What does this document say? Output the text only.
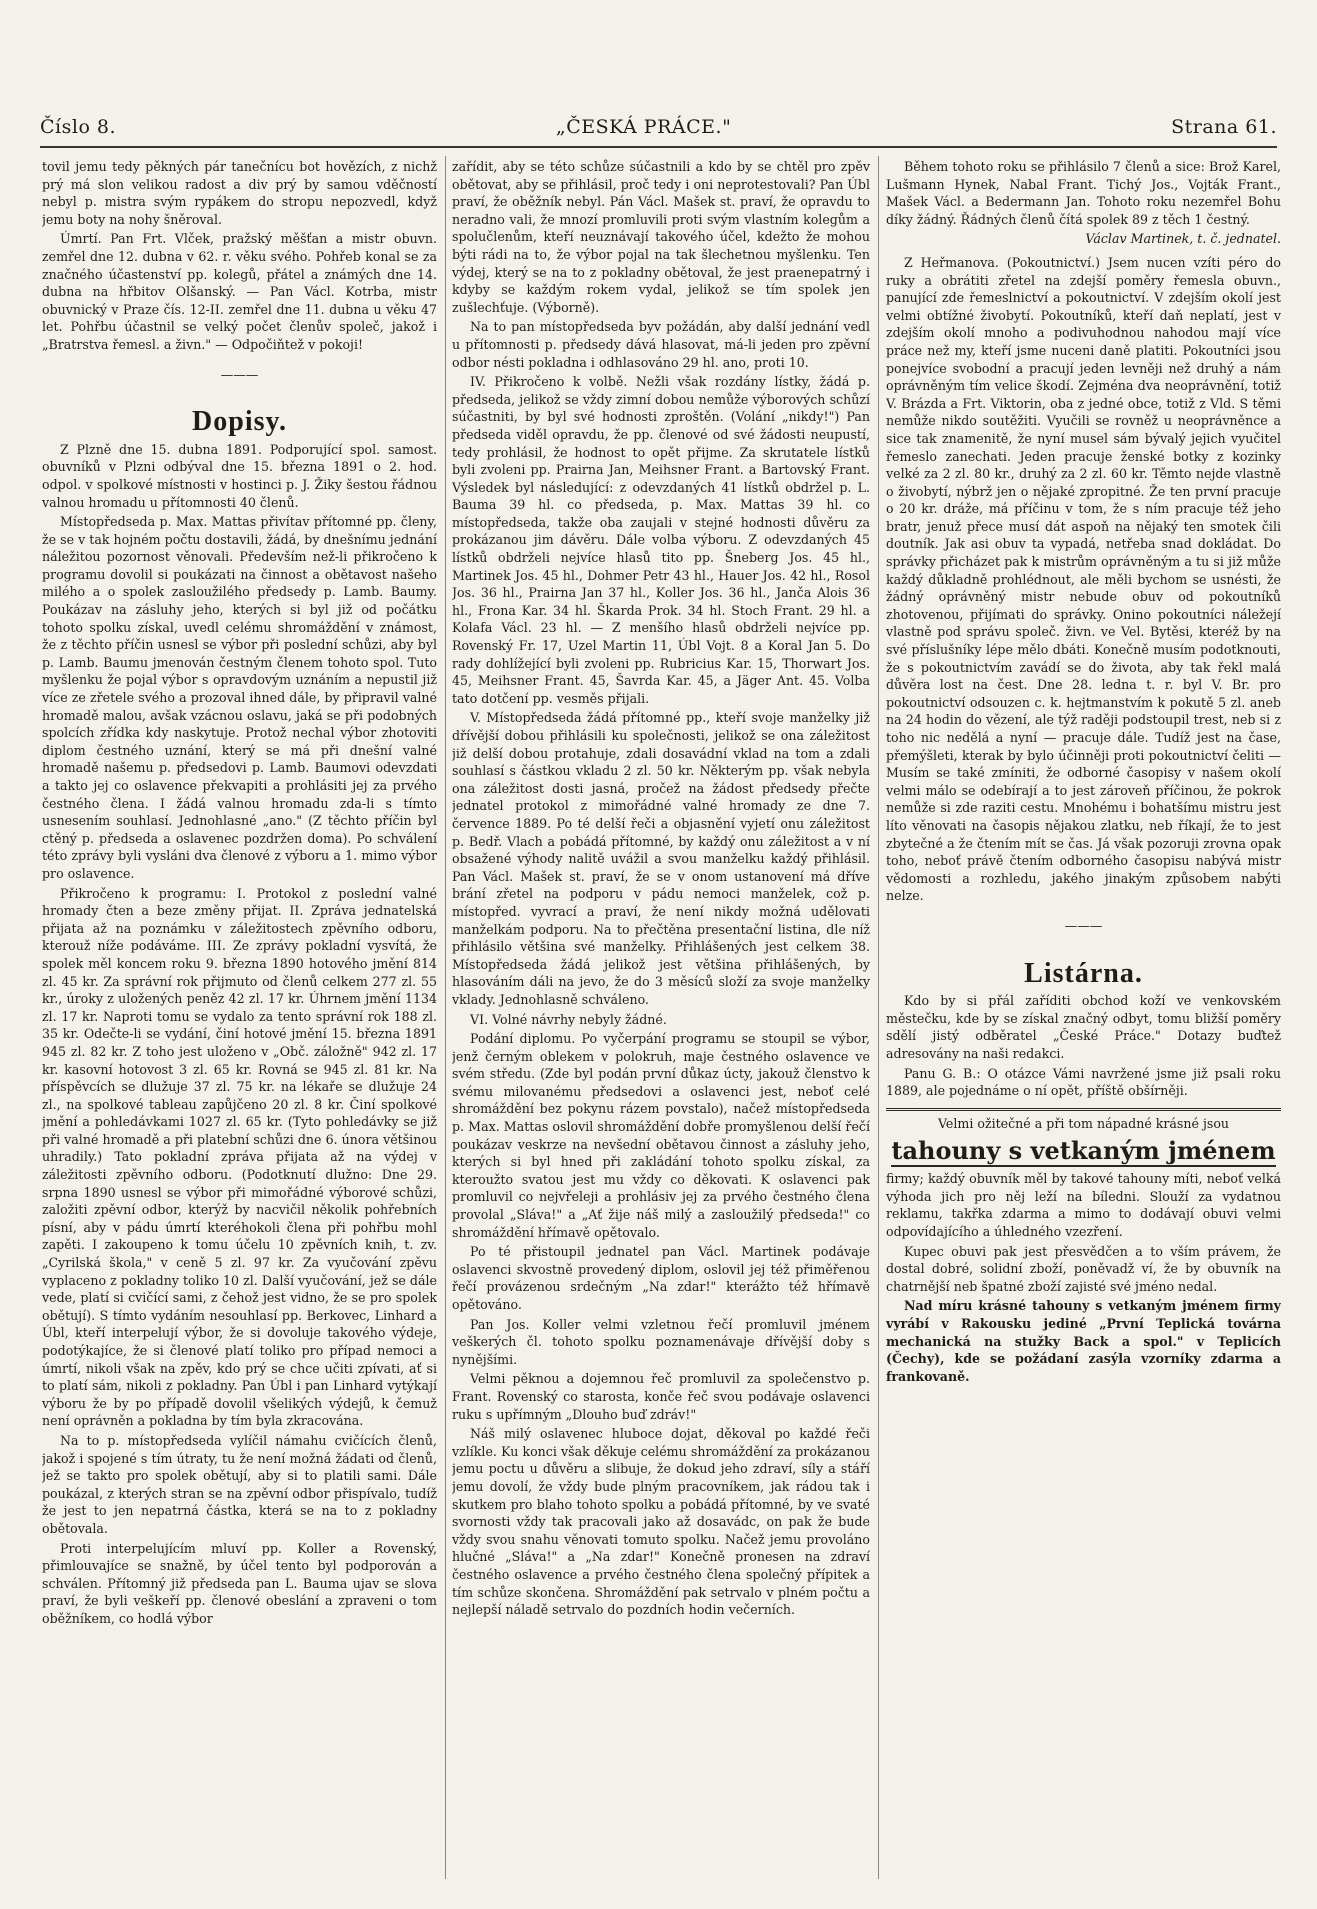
Číslo 8.	„ČESKÁ PRÁCE."	Strana 61.

tovil jemu tedy pěkných pár tanečnícu bot hovězích, z nichž prý má slon velikou radost a div prý by samou vděčností nebyl p. mistra svým rypákem do stropu nepozvedl, když jemu boty na nohy šněroval.

Úmrtí. Pan Frt. Vlček, pražský měšťan a mistr obuvn. zemřel dne 12. dubna v 62. r. věku svého. Pohřeb konal se za značného účastenství pp. kolegů, přátel a známých dne 14. dubna na hřbitov Olšanský. — Pan Václ. Kotrba, mistr obuvnický v Praze čís. 12-II. zemřel dne 11. dubna u věku 47 let. Pohřbu účastnil se velký počet členův společ, jakož i „Bratrstva řemesl. a živn." — Odpočiňtež v pokoji!

———
Dopisy.

Z Plzně dne 15. dubna 1891. Podporující spol. samost. obuvníků v Plzni odbýval dne 15. března 1891 o 2. hod. odpol. v spolkové místnosti v hostinci p. J. Žiky šestou řádnou valnou hromadu u přítomnosti 40 členů.

Místopředseda p. Max. Mattas přivítav přítomné pp. členy, že se v tak hojném počtu dostavili, žádá, by dnešnímu jednání náležitou pozornost věnovali. Především než-li přikročeno k programu dovolil si poukázati na činnost a obětavost našeho milého a o spolek zasloužilého předsedy p. Lamb. Baumy. Poukázav na zásluhy jeho, kterých si byl již od počátku tohoto spolku získal, uvedl celému shromáždění v známost, že z těchto příčin usnesl se výbor při poslední schůzi, aby byl p. Lamb. Baumu jmenován čestným členem tohoto spol. Tuto myšlenku že pojal výbor s opravdovým uznáním a nepustil již více ze zřetele svého a prozoval ihned dále, by připravil valné hromadě malou, avšak vzácnou oslavu, jaká se při podobných spolcích zřídka kdy naskytuje. Protož nechal výbor zhotoviti diplom čestného uznání, který se má při dnešní valné hromadě našemu p. předsedovi p. Lamb. Baumovi odevzdati a takto jej co oslavence překvapiti a prohlásiti jej za prvého čestného člena. I žádá valnou hromadu zda-li s tímto usnesením souhlasí. Jednohlasné „ano." (Z těchto příčin byl ctěný p. předseda a oslavenec pozdržen doma). Po schválení této zprávy byli vysláni dva členové z výboru a 1. mimo výbor pro oslavence.

Přikročeno k programu: I. Protokol z poslední valné hromady čten a beze změny přijat. II. Zpráva jednatelská přijata až na poznámku v záležitostech zpěvního odboru, kterouž níže podáváme. III. Ze zprávy pokladní vysvítá, že spolek měl koncem roku 9. března 1890 hotového jmění 814 zl. 45 kr. Za správní rok přijmuto od členů celkem 277 zl. 55 kr., úroky z uložených peněz 42 zl. 17 kr. Úhrnem jmění 1134 zl. 17 kr. Naproti tomu se vydalo za tento správní rok 188 zl. 35 kr. Odečte-li se vydání, činí hotové jmění 15. března 1891 945 zl. 82 kr. Z toho jest uloženo v „Obč. záložně" 942 zl. 17 kr. kasovní hotovost 3 zl. 65 kr. Rovná se 945 zl. 81 kr. Na příspěvcích se dlužuje 37 zl. 75 kr. na lékaře se dlužuje 24 zl., na spolkové tableau zapůjčeno 20 zl. 8 kr. Činí spolkové jmění a pohledávkami 1027 zl. 65 kr. (Tyto pohledávky se již při valné hromadě a při platební schůzi dne 6. února většinou uhradily.) Tato pokladní zpráva přijata až na výdej v záležitosti zpěvního odboru. (Podotknutí dlužno: Dne 29. srpna 1890 usnesl se výbor při mimořádné výborové schůzi, založiti zpěvní odbor, kterýž by nacvičil několik pohřebních písní, aby v pádu úmrtí kteréhokoli člena při pohřbu mohl zapěti. I zakoupeno k tomu účelu 10 zpěvních knih, t. zv. „Cyrilská škola," v ceně 5 zl. 97 kr. Za vyučování zpěvu vyplaceno z pokladny toliko 10 zl. Další vyučování, jež se dále vede, platí si cvičící sami, z čehož jest vidno, že se pro spolek obětují). S tímto vydáním nesouhlasí pp. Berkovec, Linhard a Úbl, kteří interpelují výbor, že si dovoluje takového výdeje, podotýkajíce, že si členové platí toliko pro případ nemoci a úmrtí, nikoli však na zpěv, kdo prý se chce učiti zpívati, ať si to platí sám, nikoli z pokladny. Pan Úbl i pan Linhard vytýkají výboru že by po případě dovolil všelikých výdejů, k čemuž není oprávněn a pokladna by tím byla zkracována.

Na to p. místopředseda vylíčil námahu cvičících členů, jakož i spojené s tím útraty, tu že není možná žádati od členů, jež se takto pro spolek obětují, aby si to platili sami. Dále poukázal, z kterých stran se na zpěvní odbor přispívalo, tudíž že jest to jen nepatrná částka, která se na to z pokladny obětovala.

Proti interpelujícím mluví pp. Koller a Rovenský, přimlouvajíce se snažně, by účel tento byl podporován a schválen. Přítomný již předseda pan L. Bauma ujav se slova praví, že byli veškeří pp. členové obeslání a zpraveni o tom oběžníkem, co hodlá výbor

zařídit, aby se této schůze súčastnili a kdo by se chtěl pro zpěv obětovat, aby se přihlásil, proč tedy i oni neprotestovali? Pan Úbl praví, že oběžník nebyl. Pán Václ. Mašek st. praví, že opravdu to neradno vali, že mnozí promluvili proti svým vlastním kolegům a spolučlenům, kteří neuznávají takového účel, kdežto že mohou býti rádi na to, že výbor pojal na tak šlechetnou myšlenku. Ten výdej, který se na to z pokladny obětoval, že jest praenepatrný i kdyby se každým rokem vydal, jelikož se tím spolek jen zušlechťuje. (Výborně).

Na to pan místopředseda byv požádán, aby další jednání vedl u přítomnosti p. předsedy dává hlasovat, má-li jeden pro zpěvní odbor nésti pokladna i odhlasováno 29 hl. ano, proti 10.

IV. Přikročeno k volbě. Nežli však rozdány lístky, žádá p. předseda, jelikož se vždy zimní dobou nemůže výborových schůzí súčastniti, by byl své hodnosti zproštěn. (Volání „nikdy!") Pan předseda viděl opravdu, že pp. členové od své žádosti neupustí, tedy prohlásil, že hodnost to opět přijme. Za skrutatele lístků byli zvoleni pp. Prairna Jan, Meihsner Frant. a Bartovský Frant. Výsledek byl následující: z odevzdaných 41 lístků obdržel p. L. Bauma 39 hl. co předseda, p. Max. Mattas 39 hl. co místopředseda, takže oba zaujali v stejné hodnosti důvěru za prokázanou jim dávěru. Dále volba výboru. Z odevzdaných 45 lístků obdrželi nejvíce hlasů tito pp. Šneberg Jos. 45 hl., Martinek Jos. 45 hl., Dohmer Petr 43 hl., Hauer Jos. 42 hl., Rosol Jos. 36 hl., Prairna Jan 37 hl., Koller Jos. 36 hl., Janča Alois 36 hl., Frona Kar. 34 hl. Škarda Prok. 34 hl. Stoch Frant. 29 hl. a Kolafa Václ. 23 hl. — Z menšího hlasů obdrželi nejvíce pp. Rovenský Fr. 17, Uzel Martin 11, Úbl Vojt. 8 a Koral Jan 5. Do rady dohlížející byli zvoleni pp. Rubricius Kar. 15, Thorwart Jos. 45, Meihsner Frant. 45, Šavrda Kar. 45, a Jäger Ant. 45. Volba tato dotčení pp. vesměs přijali.

V. Místopředseda žádá přítomné pp., kteří svoje manželky již dřívější dobou přihlásili ku společnosti, jelikož se ona záležitost již delší dobou protahuje, zdali dosavádní vklad na tom a zdali souhlasí s částkou vkladu 2 zl. 50 kr. Některým pp. však nebyla ona záležitost dosti jasná, pročež na žádost předsedy přečte jednatel protokol z mimořádné valné hromady ze dne 7. července 1889. Po té delší řeči a objasnění vyjetí onu záležitost p. Bedř. Vlach a pobádá přítomné, by každý onu záležitost a v ní obsažené výhody nalitě uvážil a svou manželku každý přihlásil. Pan Václ. Mašek st. praví, že se v onom ustanovení má dříve brání zřetel na podporu v pádu nemoci manželek, což p. místopřed. vyvrací a praví, že není nikdy možná udělovati manželkám podporu. Na to přečtěna presentační listina, dle níž přihlásilo většina své manželky. Přihlášených jest celkem 38. Místopředseda žádá jelikož jest většina přihlášených, by hlasováním dáli na jevo, že do 3 měsíců složí za svoje manželky vklady. Jednohlasně schváleno.

VI. Volné návrhy nebyly žádné.

Podání diplomu. Po vyčerpání programu se stoupil se výbor, jenž černým oblekem v polokruh, maje čestného oslavence ve svém středu. (Zde byl podán první důkaz úcty, jakouž členstvo k svému milovanému předsedovi a oslavenci jest, neboť celé shromáždění bez pokynu rázem povstalo), načež místopředseda p. Max. Mattas oslovil shromáždění dobře promyšlenou delší řečí poukázav veskrze na nevšední obětavou činnost a zásluhy jeho, kterých si byl hned při zakládání tohoto spolku získal, za kteroužto svatou jest mu vždy co děkovati. K oslavenci pak promluvil co nejvřeleji a prohlásiv jej za prvého čestného člena provolal „Sláva!" a „Ať žije náš milý a zasloužilý předseda!" co shromáždění hřímavě opětovalo.

Po té přistoupil jednatel pan Václ. Martinek podávaje oslavenci skvostně provedený diplom, oslovil jej též přiměřenou řečí provázenou srdečným „Na zdar!" kterážto též hřímavě opětováno.

Pan Jos. Koller velmi vzletnou řečí promluvil jménem veškerých čl. tohoto spolku poznamenávaje dřívější doby s nynějšími.

Velmi pěknou a dojemnou řeč promluvil za společenstvo p. Frant. Rovenský co starosta, konče řeč svou podávaje oslavenci ruku s upřímným „Dlouho buď zdráv!"

Náš milý oslavenec hluboce dojat, děkoval po každé řeči vzlíkle. Ku konci však děkuje celému shromáždění za prokázanou jemu poctu u důvěru a slibuje, že dokud jeho zdraví, síly a stáří jemu dovolí, že vždy bude plným pracovníkem, jak rádou tak i skutkem pro blaho tohoto spolku a pobádá přítomné, by ve svaté svornosti vždy tak pracovali jako až dosavádc, on pak že bude vždy svou snahu věnovati tomuto spolku. Načež jemu provoláno hlučné „Sláva!" a „Na zdar!" Konečně pronesen na zdraví čestného oslavence a prvého čestného člena společný přípitek a tím schůze skončena. Shromáždění pak setrvalo v plném počtu a nejlepší náladě setrvalo do pozdních hodin večerních.

Během tohoto roku se přihlásilo 7 členů a sice: Brož Karel, Lušmann Hynek, Nabal Frant. Tichý Jos., Vojták Frant., Mašek Václ. a Bedermann Jan. Tohoto roku nezemřel Bohu díky žádný. Řádných členů čítá spolek 89 z těch 1 čestný.

Václav Martinek, t. č. jednatel.

Z Heřmanova. (Pokoutnictví.) Jsem nucen vzíti péro do ruky a obrátiti zřetel na zdejší poměry řemesla obuvn., panující zde řemeslnictví a pokoutnictví. V zdejším okolí jest velmi obtížné živobytí. Pokoutníků, kteří daň neplatí, jest v zdejším okolí mnoho a podivuhodnou nahodou mají více práce než my, kteří jsme nuceni daně platiti. Pokoutníci jsou ponejvíce svobodní a pracují jeden levněji než druhý a nám oprávněným tím velice škodí. Zejména dva neoprávnění, totiž V. Brázda a Frt. Viktorin, oba z jedné obce, totiž z Vld. S těmi nemůže nikdo soutěžiti. Vyučili se rovněž u neoprávněnce a sice tak znamenitě, že nyní musel sám bývalý jejich vyučitel řemeslo zanechati. Jeden pracuje ženské botky z kozinky velké za 2 zl. 80 kr., druhý za 2 zl. 60 kr. Těmto nejde vlastně o živobytí, nýbrž jen o nějaké zpropitné. Že ten první pracuje o 20 kr. dráže, má příčinu v tom, že s ním pracuje též jeho bratr, jenuž přece musí dát aspoň na nějaký ten smotek čili doutník. Jak asi obuv ta vypadá, netřeba snad dokládat. Do správky přicházet pak k mistrům oprávněným a tu si již může každý důkladně prohlédnout, ale měli bychom se usnésti, že žádný oprávněný mistr nebude obuv od pokoutníků zhotovenou, přijímati do správky. Onino pokoutníci náležejí vlastně pod správu společ. živn. ve Vel. Bytěsi, kteréž by na své příslušníky lépe mělo dbáti. Konečně musím podotknouti, že s pokoutnictvím zavádí se do života, aby tak řekl malá důvěra lost na čest. Dne 28. ledna t. r. byl V. Br. pro pokoutnictví odsouzen c. k. hejtmanstvím k pokutě 5 zl. aneb na 24 hodin do vězení, ale týž raději podstoupil trest, neb si z toho nic nedělá a nyní — pracuje dále. Tudíž jest na čase, přemýšleti, kterak by bylo účinněji proti pokoutnictví čeliti — Musím se také zmíniti, že odborné časopisy v našem okolí velmi málo se odebírají a to jest zároveň příčinou, že pokrok nemůže si zde raziti cestu. Mnohému i bohatšímu mistru jest líto věnovati na časopis nějakou zlatku, neb říkají, že to jest zbytečné a že čtením mít se čas. Já však pozoruji zrovna opak toho, neboť právě čtením odborného časopisu nabývá mistr vědomosti a rozhledu, jakého jinakým způsobem nabýti nelze.

———
Listárna.

Kdo by si přál zaříditi obchod koží ve venkovském městečku, kde by se získal značný odbyt, tomu bližší poměry sdělí jistý odběratel „České Práce." Dotazy buďtež adresovány na naši redakci.

Panu G. B.: O otázce Vámi navržené jsme již psali roku 1889, ale pojednáme o ní opět, příště obšírněji.

Velmi ožitečné a při tom nápadné krásné jsou

tahouny s vetkaným jménem

firmy; každý obuvník měl by takové tahouny míti, neboť velká výhoda jich pro něj leží na bíledni. Slouží za vydatnou reklamu, takřka zdarma a mimo to dodávají obuvi velmi odpovídajícího a úhledného vzezření.

Kupec obuvi pak jest přesvědčen a to vším právem, že dostal dobré, solidní zboží, poněvadž ví, že by obuvník na chatrnější neb špatné zboží zajisté své jméno nedal.

Nad míru krásné tahouny s vetkaným jménem firmy vyrábí v Rakousku jediné „První Teplická továrna mechanická na stužky Back a spol." v Teplicích (Čechy), kde se požádaní zasýla vzorníky zdarma a frankovaně.
